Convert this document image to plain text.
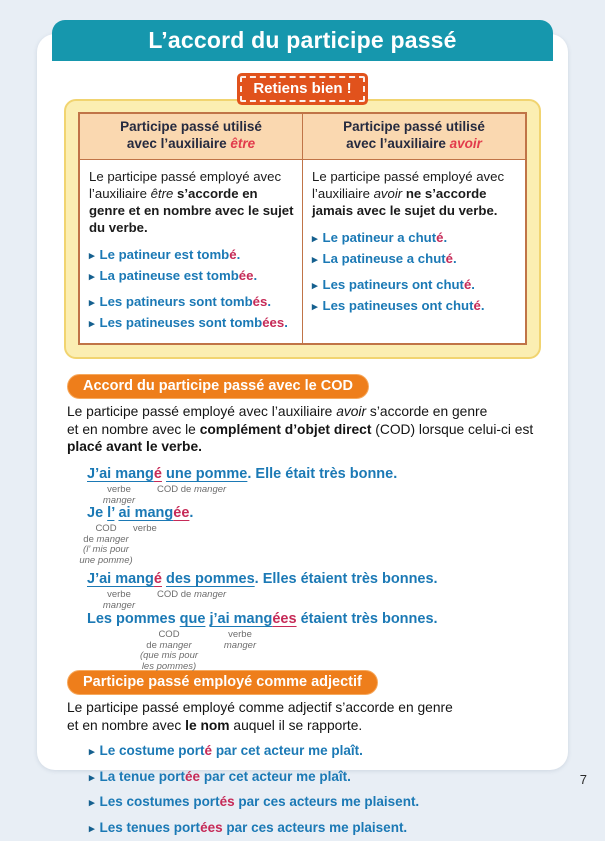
L’accord du participe passé
Retiens bien !
Participe passé utilisé
avec l’auxiliaire être

Participe passé utilisé
avec l’auxiliaire avoir

Le participe passé employé avec l’auxiliaire être s’accorde en genre et en nombre avec le sujet du verbe.
▸ Le patineur est tombé.
▸ La patineuse est tombée.
▸ Les patineurs sont tombés.
▸ Les patineuses sont tombées.

Le participe passé employé avec l’auxiliaire avoir ne s’accorde jamais avec le sujet du verbe.
▸ Le patineur a chuté.
▸ La patineuse a chuté.
▸ Les patineurs ont chuté.
▸ Les patineuses ont chuté.
Accord du participe passé avec le COD
Le participe passé employé avec l’auxiliaire avoir s’accorde en genre
et en nombre avec le complément d’objet direct (COD) lorsque celui-ci est
placé avant le verbe.
J’ai mangé une pomme. Elle était très bonne.
verbe
manger
COD de manger
Je l’ ai mangée.
COD
de manger
(l’ mis pour
une pomme)
verbe
J’ai mangé des pommes. Elles étaient très bonnes.
verbe
manger
COD de manger
Les pommes que j’ai mangées étaient très bonnes.
COD
de manger
(que mis pour
les pommes)
verbe
manger
Participe passé employé comme adjectif
Le participe passé employé comme adjectif s’accorde en genre
et en nombre avec le nom auquel il se rapporte.
▸ Le costume porté par cet acteur me plaît.
▸ La tenue portée par cet acteur me plaît.
▸ Les costumes portés par ces acteurs me plaisent.
▸ Les tenues portées par ces acteurs me plaisent.
7
